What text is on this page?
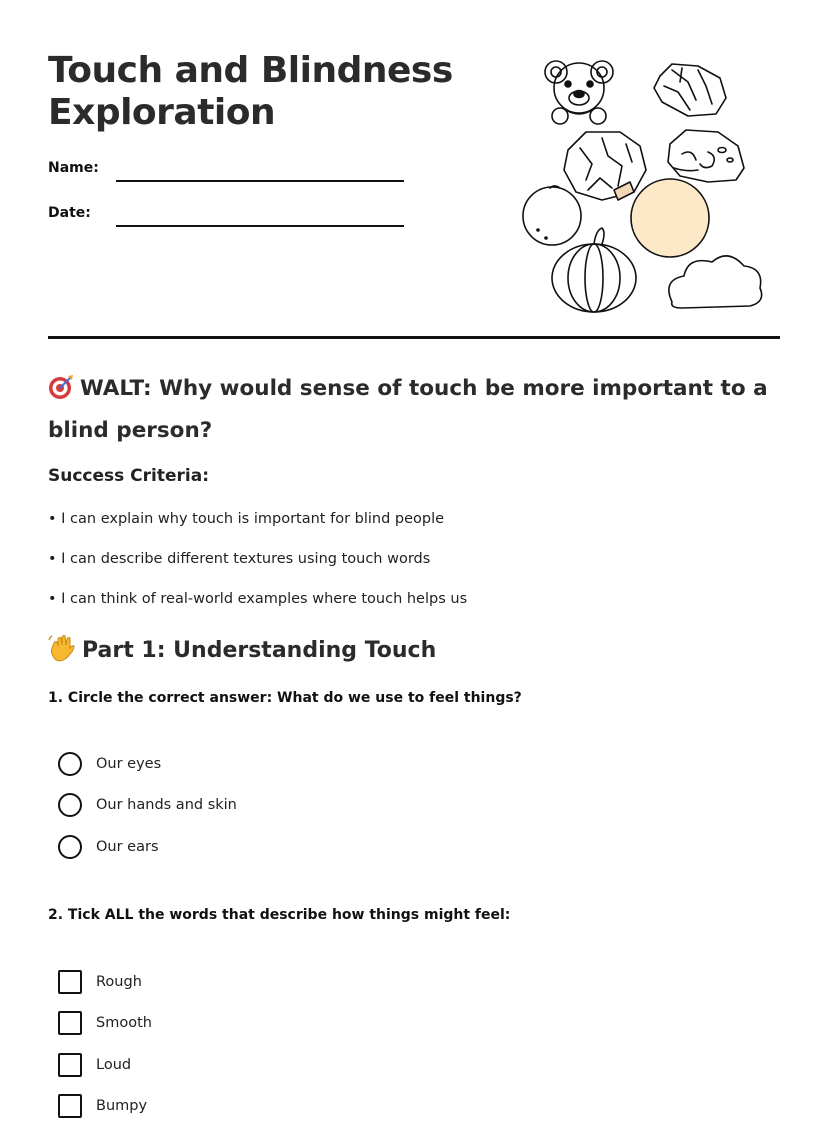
Touch and Blindness Exploration
Name:
Date:
WALT: Why would sense of touch be more important to a blind person?
Success Criteria:
• I can explain why touch is important for blind people
• I can describe different textures using touch words
• I can think of real-world examples where touch helps us
Part 1: Understanding Touch

1. Circle the correct answer: What do we use to feel things?

Our eyes
Our hands and skin
Our ears

2. Tick ALL the words that describe how things might feel:

Rough
Smooth
Loud
Bumpy
